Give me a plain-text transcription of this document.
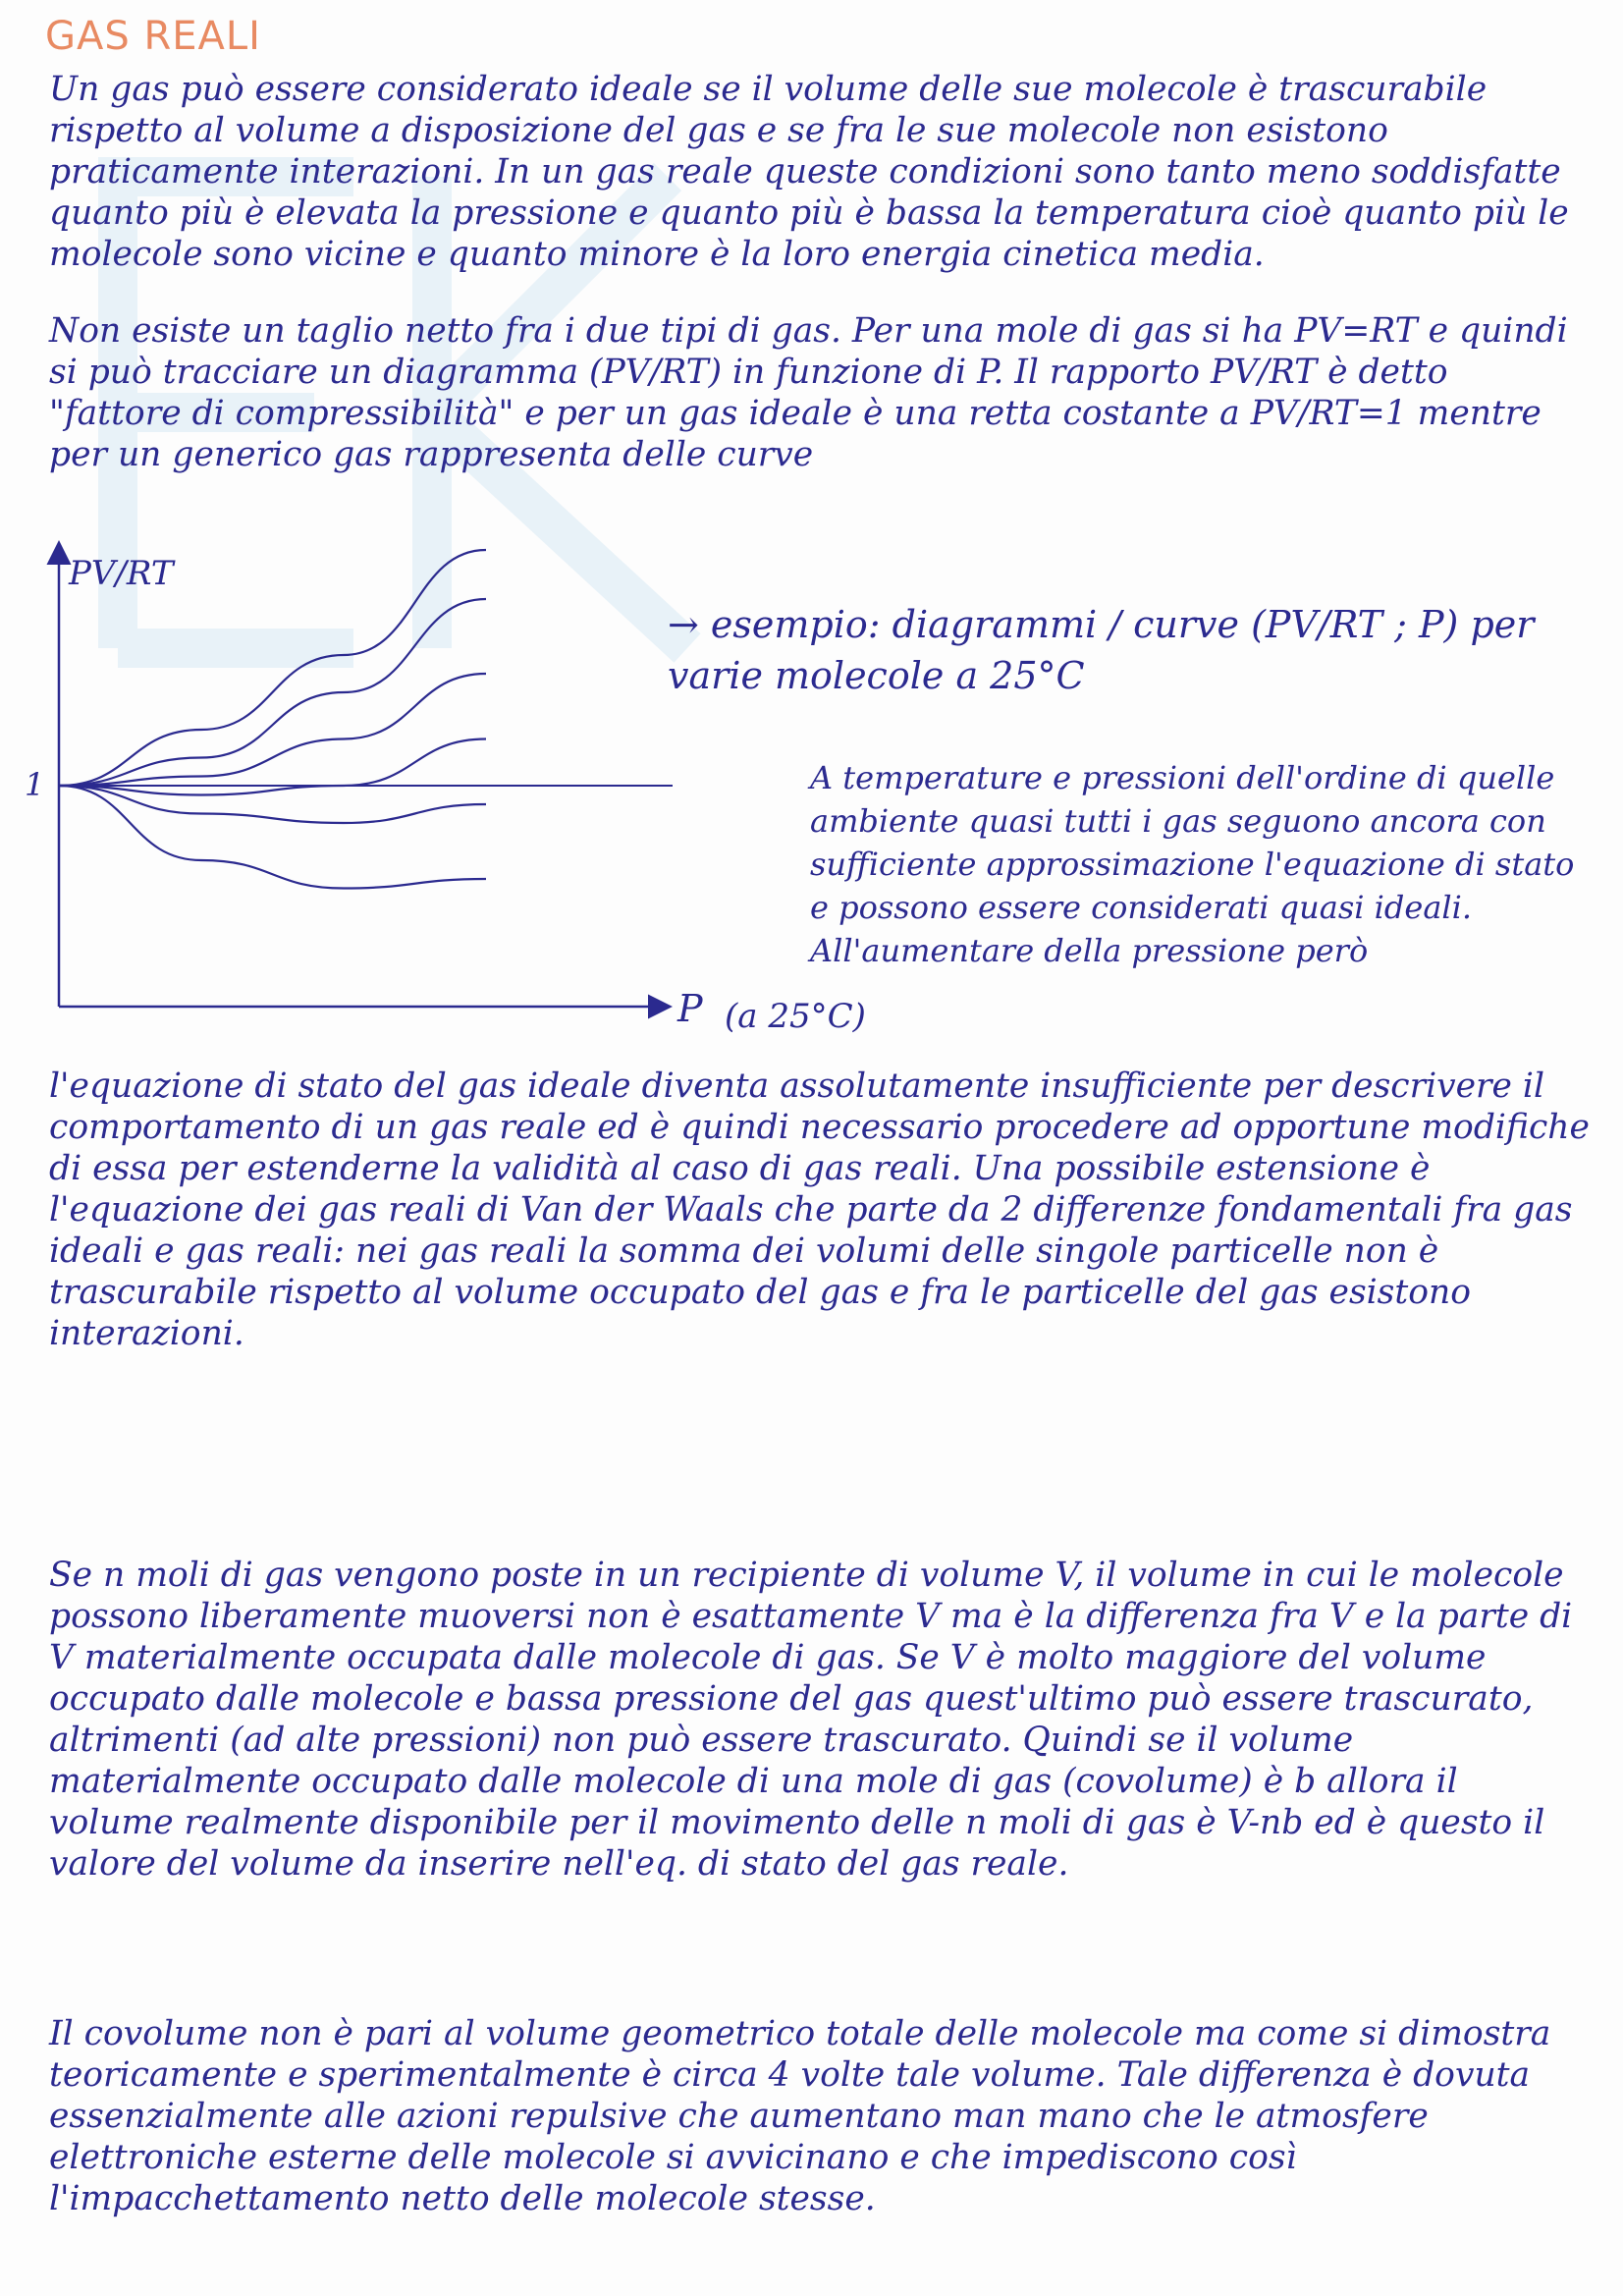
GAS REALI
Un gas può essere considerato ideale se il volume delle sue molecole è trascurabile rispetto al volume a disposizione del gas e se fra le sue molecole non esistono praticamente interazioni. In un gas reale queste condizioni sono tanto meno soddisfatte quanto più è elevata la pressione e quanto più è bassa la temperatura cioè quanto più le molecole sono vicine e quanto minore è la loro energia cinetica media.
Non esiste un taglio netto fra i due tipi di gas. Per una mole di gas si ha PV=RT e quindi si può tracciare un diagramma (PV/RT) in funzione di P. Il rapporto PV/RT è detto "fattore di compressibilità" e per un gas ideale è una retta costante a PV/RT=1 mentre per un generico gas rappresenta delle curve
PV/RT
P
1
→ esempio: diagrammi / curve (PV/RT ; P) per varie molecole a 25°C
A temperature e pressioni dell'ordine di quelle ambiente quasi tutti i gas seguono ancora con sufficiente approssimazione l'equazione di stato e possono essere considerati quasi ideali. All'aumentare della pressione però
(a 25°C)
l'equazione di stato del gas ideale diventa assolutamente insufficiente per descrivere il comportamento di un gas reale ed è quindi necessario procedere ad opportune modifiche di essa per estenderne la validità al caso di gas reali. Una possibile estensione è l'equazione dei gas reali di Van der Waals che parte da 2 differenze fondamentali fra gas ideali e gas reali: nei gas reali la somma dei volumi delle singole particelle non è trascurabile rispetto al volume occupato del gas e fra le particelle del gas esistono interazioni.
Se n moli di gas vengono poste in un recipiente di volume V, il volume in cui le molecole possono liberamente muoversi non è esattamente V ma è la differenza fra V e la parte di V materialmente occupata dalle molecole di gas. Se V è molto maggiore del volume occupato dalle molecole e bassa pressione del gas quest'ultimo può essere trascurato, altrimenti (ad alte pressioni) non può essere trascurato. Quindi se il volume materialmente occupato dalle molecole di una mole di gas (covolume) è b allora il volume realmente disponibile per il movimento delle n moli di gas è V-nb ed è questo il valore del volume da inserire nell'eq. di stato del gas reale.
Il covolume non è pari al volume geometrico totale delle molecole ma come si dimostra teoricamente e sperimentalmente è circa 4 volte tale volume. Tale differenza è dovuta essenzialmente alle azioni repulsive che aumentano man mano che le atmosfere elettroniche esterne delle molecole si avvicinano e che impediscono così l'impacchettamento netto delle molecole stesse.
